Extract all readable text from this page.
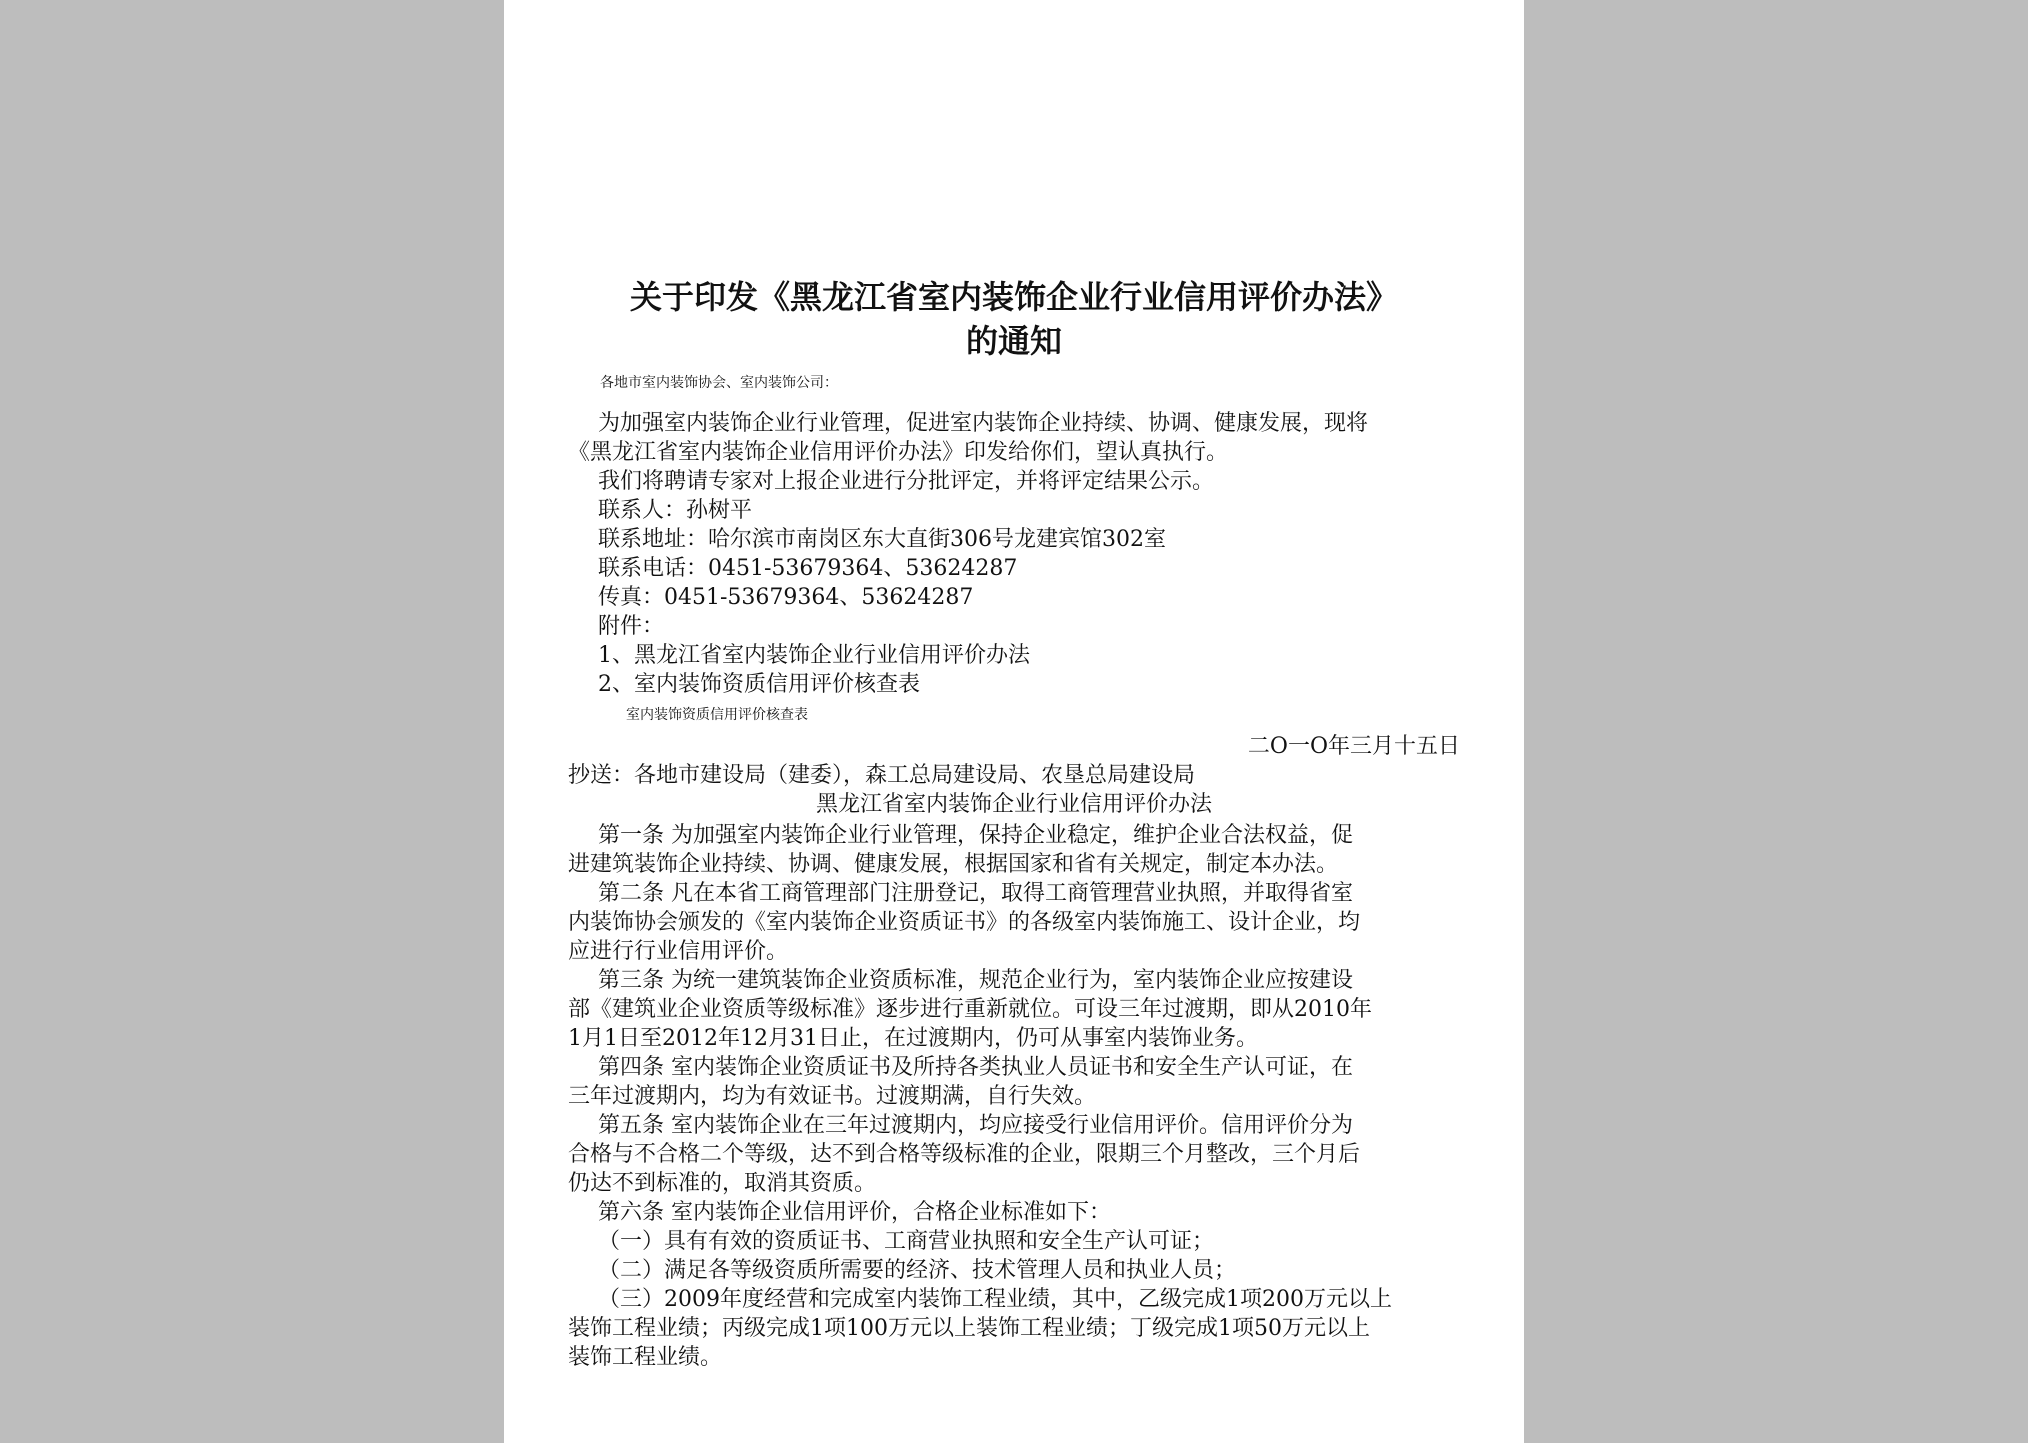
关于印发《黑龙江省室内装饰企业行业信用评价办法》
的通知
各地市室内装饰协会、室内装饰公司：
为加强室内装饰企业行业管理，促进室内装饰企业持续、协调、健康发展，现将
《黑龙江省室内装饰企业信用评价办法》印发给你们，望认真执行。
我们将聘请专家对上报企业进行分批评定，并将评定结果公示。
联系人：孙树平
联系地址：哈尔滨市南岗区东大直街306号龙建宾馆302室
联系电话：0451-53679364、53624287
传真：0451-53679364、53624287
附件：
1、黑龙江省室内装饰企业行业信用评价办法
2、室内装饰资质信用评价核查表
室内装饰资质信用评价核查表
二O一O年三月十五日
抄送：各地市建设局（建委），森工总局建设局、农垦总局建设局
黑龙江省室内装饰企业行业信用评价办法
第一条 为加强室内装饰企业行业管理，保持企业稳定，维护企业合法权益，促
进建筑装饰企业持续、协调、健康发展，根据国家和省有关规定，制定本办法。
第二条 凡在本省工商管理部门注册登记，取得工商管理营业执照，并取得省室
内装饰协会颁发的《室内装饰企业资质证书》的各级室内装饰施工、设计企业，均
应进行行业信用评价。
第三条 为统一建筑装饰企业资质标准，规范企业行为，室内装饰企业应按建设
部《建筑业企业资质等级标准》逐步进行重新就位。可设三年过渡期，即从2010年
1月1日至2012年12月31日止，在过渡期内，仍可从事室内装饰业务。
第四条 室内装饰企业资质证书及所持各类执业人员证书和安全生产认可证，在
三年过渡期内，均为有效证书。过渡期满，自行失效。
第五条 室内装饰企业在三年过渡期内，均应接受行业信用评价。信用评价分为
合格与不合格二个等级，达不到合格等级标准的企业，限期三个月整改，三个月后
仍达不到标准的，取消其资质。
第六条 室内装饰企业信用评价，合格企业标准如下：
（一）具有有效的资质证书、工商营业执照和安全生产认可证；
（二）满足各等级资质所需要的经济、技术管理人员和执业人员；
（三）2009年度经营和完成室内装饰工程业绩，其中，乙级完成1项200万元以上
装饰工程业绩；丙级完成1项100万元以上装饰工程业绩；丁级完成1项50万元以上
装饰工程业绩。
